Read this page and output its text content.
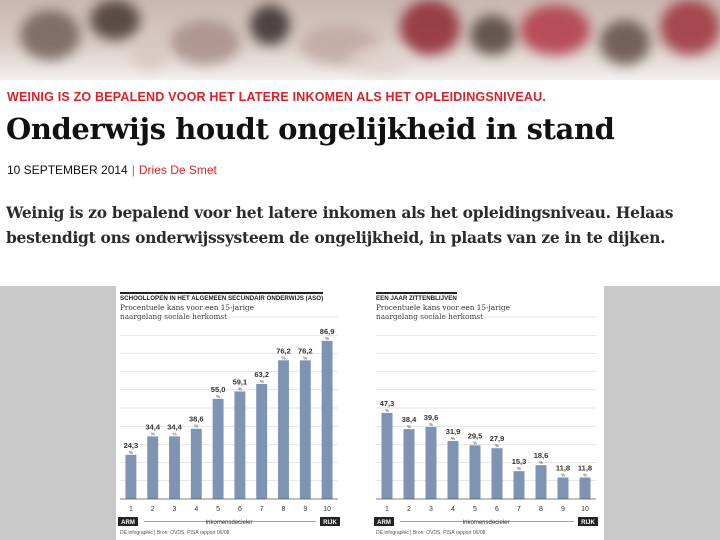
WEINIG IS ZO BEPALEND VOOR HET LATERE INKOMEN ALS HET OPLEIDINGSNIVEAU.
Onderwijs houdt ongelijkheid in stand
10 SEPTEMBER 2014 | Dries De Smet
Weinig is zo bepalend voor het latere inkomen als het opleidingsniveau. Helaas bestendigt ons onderwijssysteem de ongelijkheid, in plaats van ze in te dijken.
SCHOOLLOPEN IN HET ALGEMEEN SECUNDAIR ONDERWIJS (ASO)
Procentuele kans voor een 15-jarige
naargelang sociale herkomst
24,3
%
1
34,4
%
2
34,4
%
3
38,6
%
4
55,0
%
5
59,1
%
6
63,2
%
7
76,2
%
8
76,2
%
9
86,9
%
10
ARM	RIJK
Inkomensdecieler
DE infographic | Bron: OVDS, PISA rapport 06/08
EEN JAAR ZITTENBLIJVEN
Procentuele kans voor een 15-jarige
naargelang sociale herkomst
47,3
%
1
38,4
%
2
39,6
%
3
31,9
%
4
29,5
%
5
27,9
%
6
15,3
%
7
18,6
%
8
11,8
%
9
11,8
%
10
ARM	RIJK
Inkomensdecieler
DE infographic | Bron: OVDS, PISA rapport 06/08
